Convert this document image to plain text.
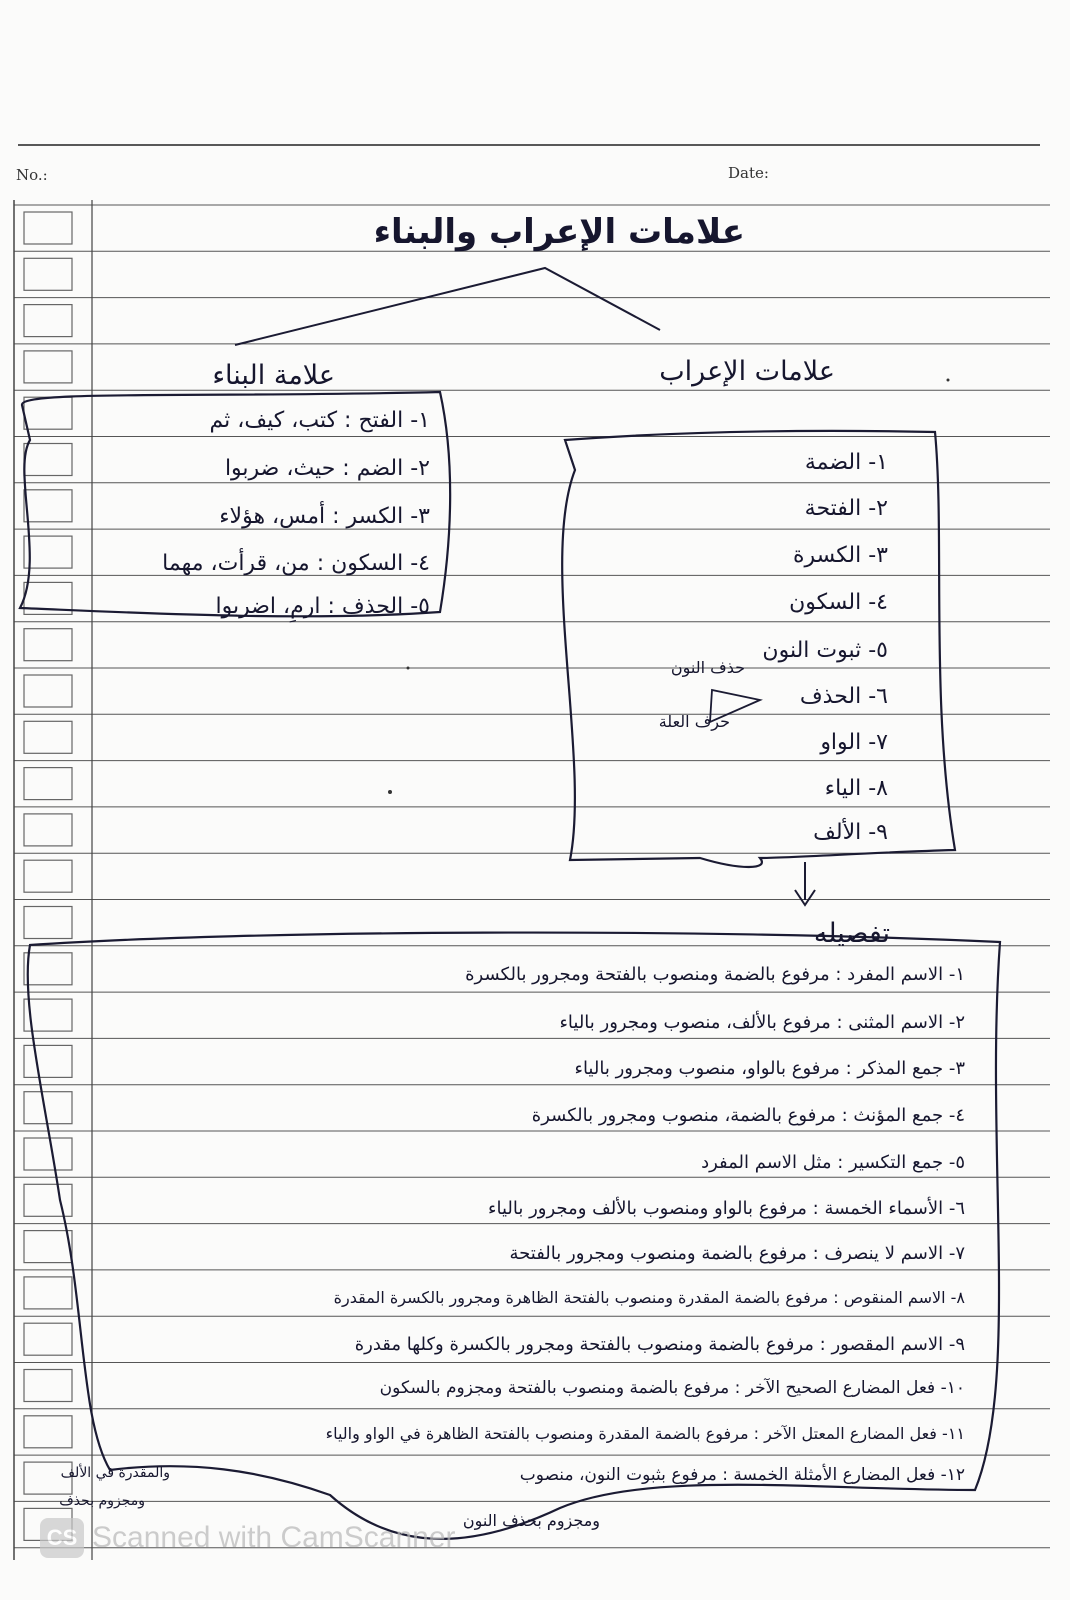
No.:	Date:
علامات الإعراب والبناء
علامة البناء
١- الفتح : كتب، كيف، ثم
٢- الضم : حيث، ضربوا
٣- الكسر : أمس، هؤلاء
٤- السكون : من، قرأت، مهما
٥- الحذف : ارمِ، اضربوا
علامات الإعراب
١- الضمة
٢- الفتحة
٣- الكسرة
٤- السكون
٥- ثبوت النون
٦- الحذف
٧- الواو
٨- الياء
٩- الألف
حذف النون
حرف العلة
تفصيله
١- الاسم المفرد : مرفوع بالضمة ومنصوب بالفتحة ومجرور بالكسرة
٢- الاسم المثنى : مرفوع بالألف، منصوب ومجرور بالياء
٣- جمع المذكر : مرفوع بالواو، منصوب ومجرور بالياء
٤- جمع المؤنث : مرفوع بالضمة، منصوب ومجرور بالكسرة
٥- جمع التكسير : مثل الاسم المفرد
٦- الأسماء الخمسة : مرفوع بالواو ومنصوب بالألف ومجرور بالياء
٧- الاسم لا ينصرف : مرفوع بالضمة ومنصوب ومجرور بالفتحة
٨- الاسم المنقوص : مرفوع بالضمة المقدرة ومنصوب بالفتحة الظاهرة ومجرور بالكسرة المقدرة
٩- الاسم المقصور : مرفوع بالضمة ومنصوب بالفتحة ومجرور بالكسرة وكلها مقدرة
١٠- فعل المضارع الصحيح الآخر : مرفوع بالضمة ومنصوب بالفتحة ومجزوم بالسكون
١١- فعل المضارع المعتل الآخر : مرفوع بالضمة المقدرة ومنصوب بالفتحة الظاهرة في الواو والياء
١٢- فعل المضارع الأمثلة الخمسة : مرفوع بثبوت النون، منصوب
ومجزوم بحذف النون
والمقدرة في الألف
ومجزوم بحذف
CS Scanned with CamScanner
